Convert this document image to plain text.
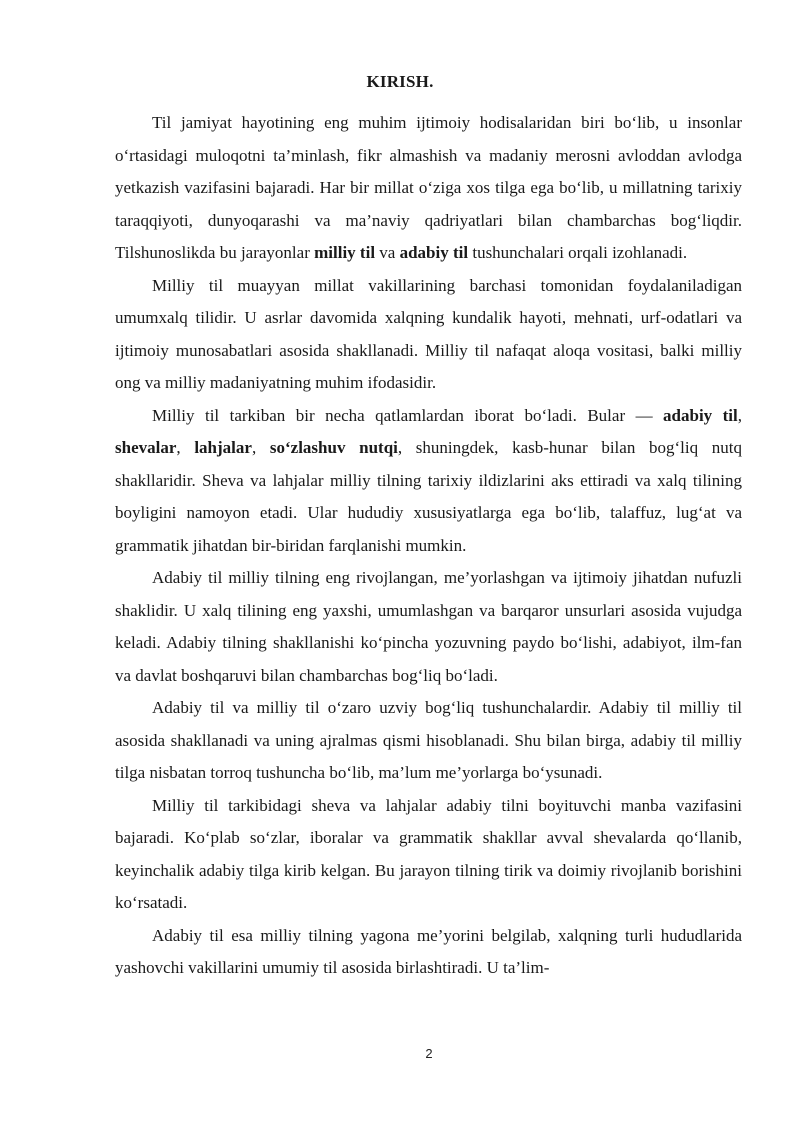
KIRISH.

Til jamiyat hayotining eng muhim ijtimoiy hodisalaridan biri bo‘lib, u insonlar o‘rtasidagi muloqotni ta’minlash, fikr almashish va madaniy merosni avloddan avlodga yetkazish vazifasini bajaradi. Har bir millat o‘ziga xos tilga ega bo‘lib, u millatning tarixiy taraqqiyoti, dunyoqarashi va ma’naviy qadriyatlari bilan chambarchas bog‘liqdir. Tilshunoslikda bu jarayonlar milliy til va adabiy til tushunchalari orqali izohlanadi.

Milliy til muayyan millat vakillarining barchasi tomonidan foydalaniladigan umumxalq tilidir. U asrlar davomida xalqning kundalik hayoti, mehnati, urf-odatlari va ijtimoiy munosabatlari asosida shakllanadi. Milliy til nafaqat aloqa vositasi, balki milliy ong va milliy madaniyatning muhim ifodasidir.

Milliy til tarkiban bir necha qatlamlardan iborat bo‘ladi. Bular — adabiy til, shevalar, lahjalar, so‘zlashuv nutqi, shuningdek, kasb-hunar bilan bog‘liq nutq shakllaridir. Sheva va lahjalar milliy tilning tarixiy ildizlarini aks ettiradi va xalq tilining boyligini namoyon etadi. Ular hududiy xususiyatlarga ega bo‘lib, talaffuz, lug‘at va grammatik jihatdan bir-biridan farqlanishi mumkin.

Adabiy til milliy tilning eng rivojlangan, me’yorlashgan va ijtimoiy jihatdan nufuzli shaklidir. U xalq tilining eng yaxshi, umumlashgan va barqaror unsurlari asosida vujudga keladi. Adabiy tilning shakllanishi ko‘pincha yozuvning paydo bo‘lishi, adabiyot, ilm-fan va davlat boshqaruvi bilan chambarchas bog‘liq bo‘ladi.

Adabiy til va milliy til o‘zaro uzviy bog‘liq tushunchalardir. Adabiy til milliy til asosida shakllanadi va uning ajralmas qismi hisoblanadi. Shu bilan birga, adabiy til milliy tilga nisbatan torroq tushuncha bo‘lib, ma’lum me’yorlarga bo‘ysunadi.

Milliy til tarkibidagi sheva va lahjalar adabiy tilni boyituvchi manba vazifasini bajaradi. Ko‘plab so‘zlar, iboralar va grammatik shakllar avval shevalarda qo‘llanib, keyinchalik adabiy tilga kirib kelgan. Bu jarayon tilning tirik va doimiy rivojlanib borishini ko‘rsatadi.

Adabiy til esa milliy tilning yagona me’yorini belgilab, xalqning turli hududlarida yashovchi vakillarini umumiy til asosida birlashtiradi. U ta’lim-

2
